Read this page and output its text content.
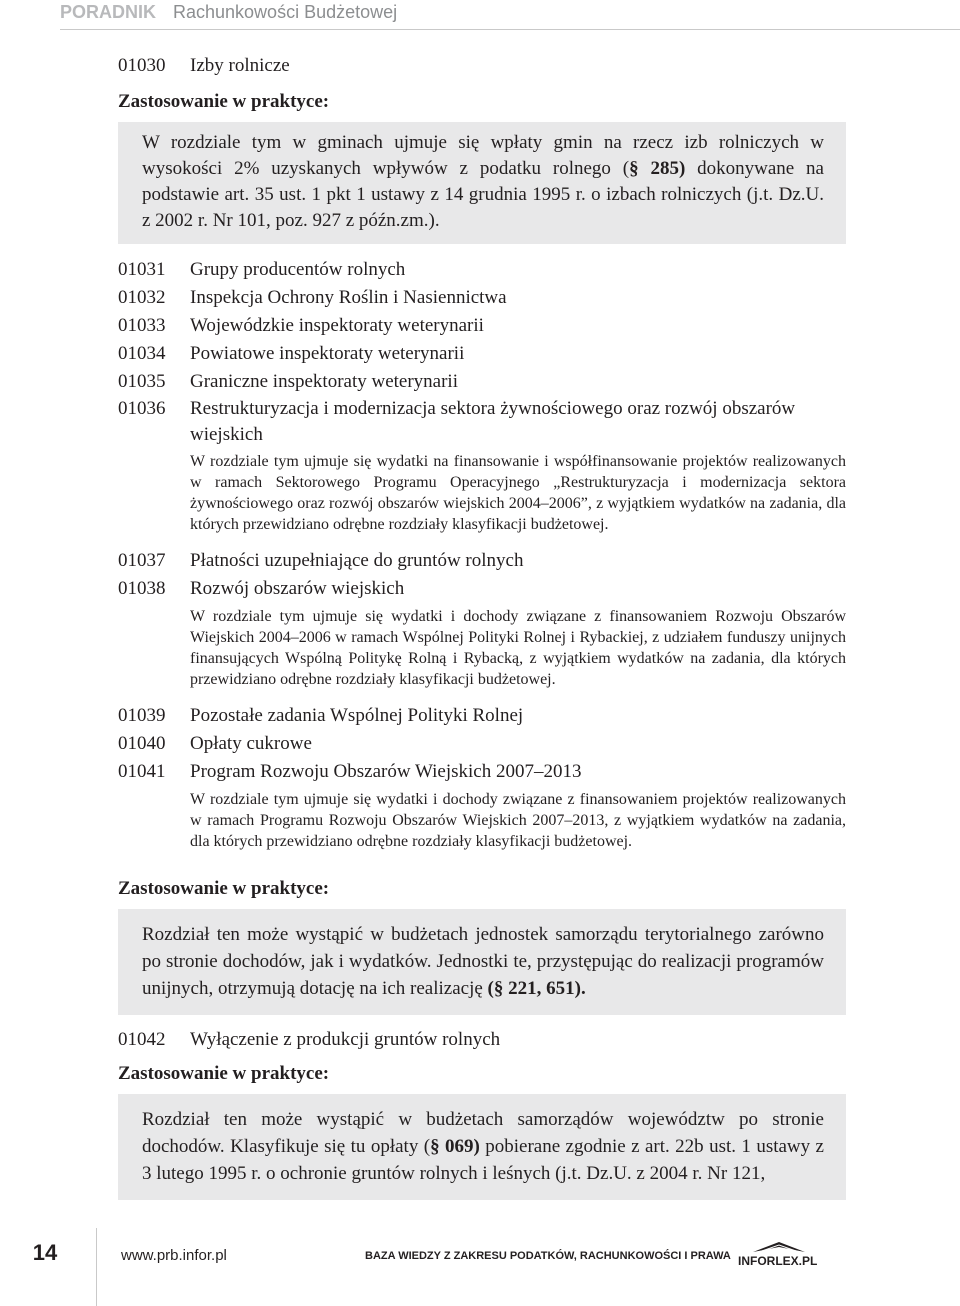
PORADNIK Rachunkowości Budżetowej
01030	Izby rolnicze
Zastosowanie w praktyce:
W rozdziale tym w gminach ujmuje się wpłaty gmin na rzecz izb rolniczych w wysokości 2% uzyskanych wpływów z podatku rolnego (§ 285) dokonywane na podstawie art. 35 ust. 1 pkt 1 ustawy z 14 grudnia 1995 r. o izbach rolniczych (j.t. Dz.U. z 2002 r. Nr 101, poz. 927 z późn.zm.).
01031	Grupy producentów rolnych
01032	Inspekcja Ochrony Roślin i Nasiennictwa
01033	Wojewódzkie inspektoraty weterynarii
01034	Powiatowe inspektoraty weterynarii
01035	Graniczne inspektoraty weterynarii
01036	Restrukturyzacja i modernizacja sektora żywnościowego oraz rozwój obszarów wiejskich
W rozdziale tym ujmuje się wydatki na finansowanie i współfinansowanie projektów realizowanych w ramach Sektorowego Programu Operacyjnego „Restrukturyzacja i modernizacja sektora żywnościowego oraz rozwój obszarów wiejskich 2004–2006”, z wyjątkiem wydatków na zadania, dla których przewidziano odrębne rozdziały klasyfikacji budżetowej.
01037	Płatności uzupełniające do gruntów rolnych
01038	Rozwój obszarów wiejskich
W rozdziale tym ujmuje się wydatki i dochody związane z finansowaniem Rozwoju Obszarów Wiejskich 2004–2006 w ramach Wspólnej Polityki Rolnej i Rybackiej, z udziałem funduszy unijnych finansujących Wspólną Politykę Rolną i Rybacką, z wyjątkiem wydatków na zadania, dla których przewidziano odrębne rozdziały klasyfikacji budżetowej.
01039	Pozostałe zadania Wspólnej Polityki Rolnej
01040	Opłaty cukrowe
01041	Program Rozwoju Obszarów Wiejskich 2007–2013
W rozdziale tym ujmuje się wydatki i dochody związane z finansowaniem projektów realizowanych w ramach Programu Rozwoju Obszarów Wiejskich 2007–2013, z wyjątkiem wydatków na zadania, dla których przewidziano odrębne rozdziały klasyfikacji budżetowej.
Zastosowanie w praktyce:
Rozdział ten może wystąpić w budżetach jednostek samorządu terytorialnego zarówno po stronie dochodów, jak i wydatków. Jednostki te, przystępując do realizacji programów unijnych, otrzymują dotację na ich realizację (§ 221, 651).
01042	Wyłączenie z produkcji gruntów rolnych
Zastosowanie w praktyce:
Rozdział ten może wystąpić w budżetach samorządów województw po stronie dochodów. Klasyfikuje się tu opłaty (§ 069) pobierane zgodnie z art. 22b ust. 1 ustawy z 3 lutego 1995 r. o ochronie gruntów rolnych i leśnych (j.t. Dz.U. z 2004 r. Nr 121,
14	www.prb.infor.pl	BAZA WIEDZY Z ZAKRESU PODATKÓW, RACHUNKOWOŚCI I PRAWA INFORLEX.PL
